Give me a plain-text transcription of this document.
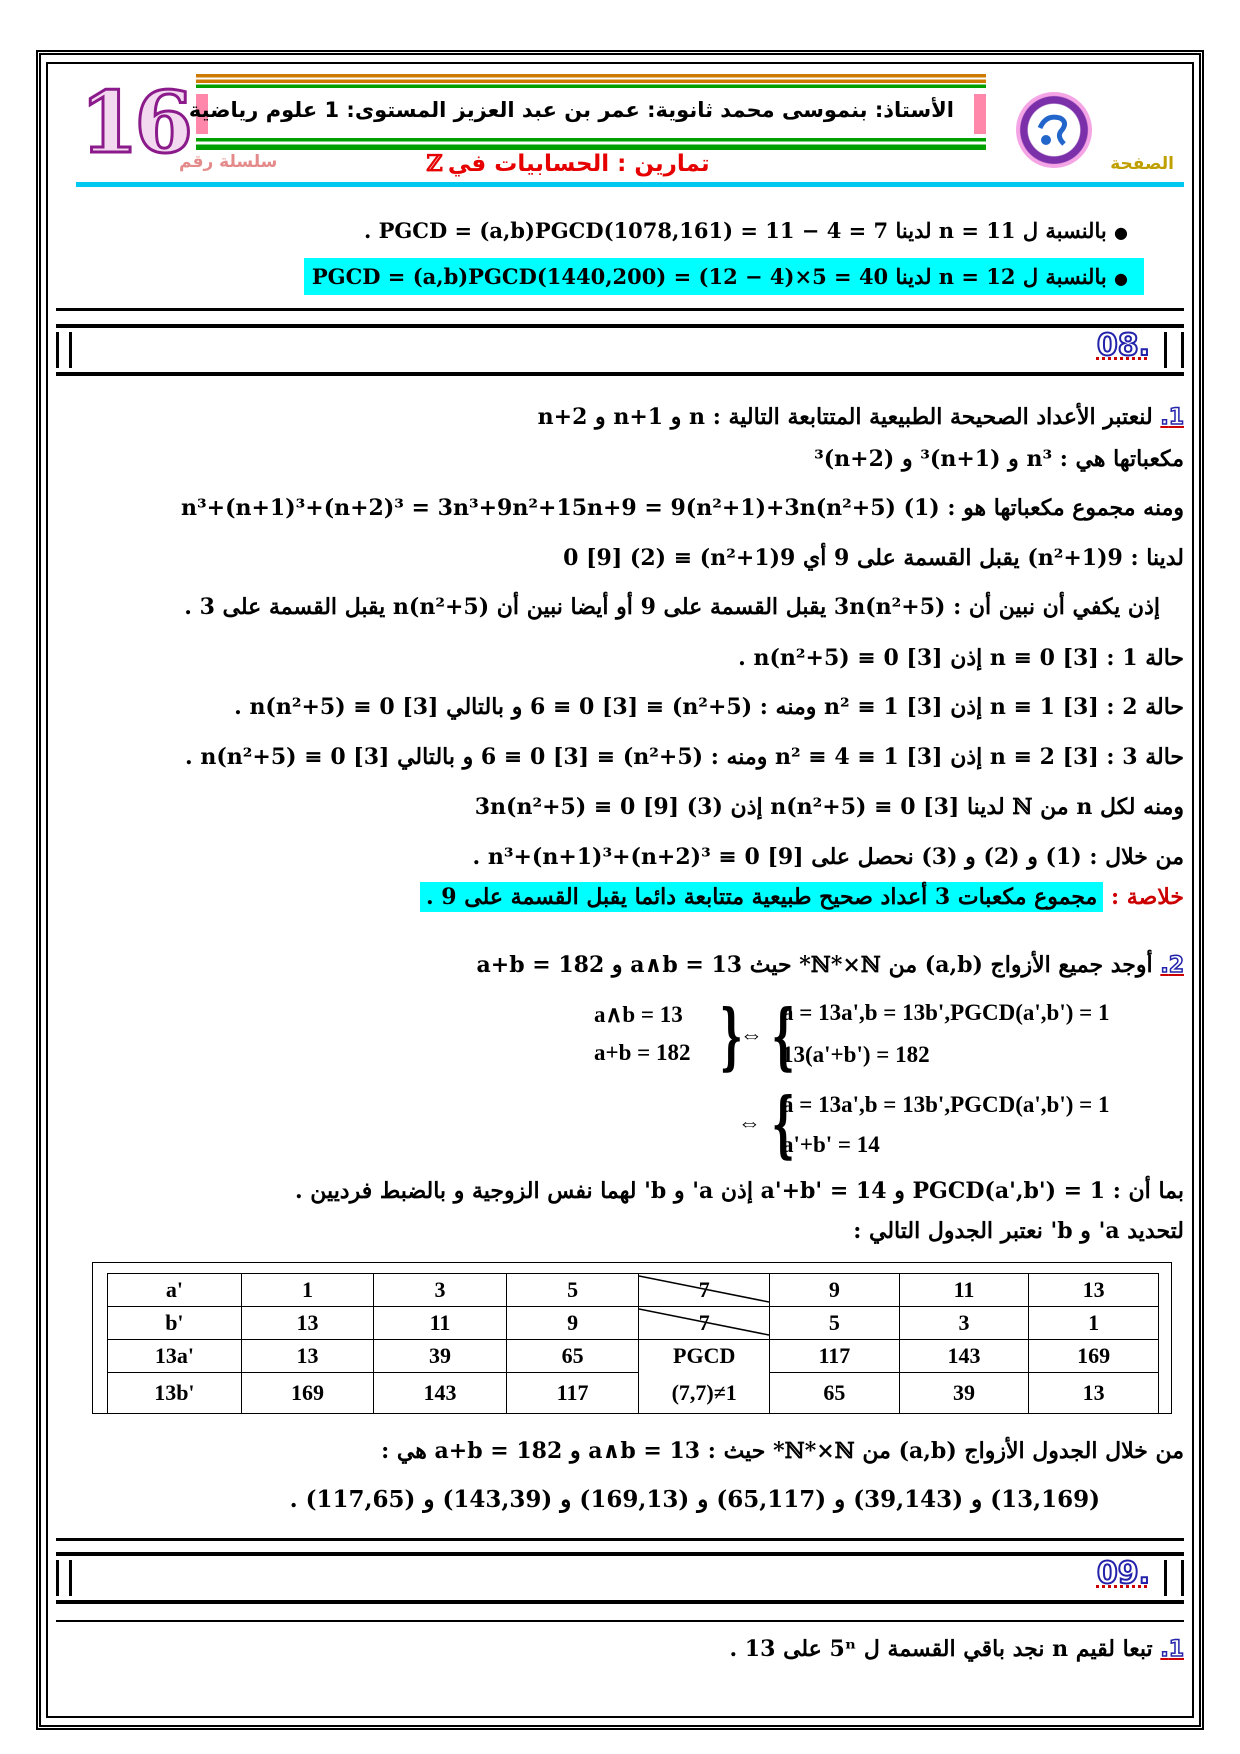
16 الأستاذ: بنموسى محمد ثانوية: عمر بن عبد العزيز المستوى: 1 علوم رياضية
سلسلة رقم	تمارين : الحسابيات في ℤ	الصفحة
● بالنسبة ل n = 11 لدينا 7 = 4 − 11 = (1078,161)PGCD = (a,b)PGCD .
● بالنسبة ل n = 12 لدينا 40 = 5×(4 − 12) = (1440,200)PGCD = (a,b)PGCD
08.
1. لنعتبر الأعداد الصحيحة الطبيعية المتتابعة التالية : n و n+1 و n+2
مكعباتها هي : n³ و (n+1)³ و (n+2)³
ومنه مجموع مكعباتها هو : n³+(n+1)³+(n+2)³ = 3n³+9n²+15n+9 = 9(n²+1)+3n(n²+5) (1)
لدينا : 9(n²+1) يقبل القسمة على 9 أي 9(n²+1) ≡ 0 [9] (2)
إذن يكفي أن نبين أن : 3n(n²+5) يقبل القسمة على 9 أو أيضا نبين أن n(n²+5) يقبل القسمة على 3 .
حالة 1 : n ≡ 0 [3] إذن n(n²+5) ≡ 0 [3] .
حالة 2 : n ≡ 1 [3] إذن n² ≡ 1 [3] ومنه : (n²+5) ≡ 6 ≡ 0 [3] و بالتالي n(n²+5) ≡ 0 [3] .
حالة 3 : n ≡ 2 [3] إذن n² ≡ 4 ≡ 1 [3] ومنه : (n²+5) ≡ 6 ≡ 0 [3] و بالتالي n(n²+5) ≡ 0 [3] .
ومنه لكل n من ℕ لدينا n(n²+5) ≡ 0 [3] إذن 3n(n²+5) ≡ 0 [9] (3)
من خلال : (1) و (2) و (3) نحصل على n³+(n+1)³+(n+2)³ ≡ 0 [9] .
خلاصة : مجموع مكعبات 3 أعداد صحيح طبيعية متتابعة دائما يقبل القسمة على 9 .
2. أوجد جميع الأزواج (a,b) من ℕ*×ℕ* حيث a∧b = 13 و a+b = 182
a∧b = 13
a+b = 182 }
⇔ {
a = 13a',b = 13b',PGCD(a',b') = 1
13(a'+b') = 182
⇔ {
a = 13a',b = 13b',PGCD(a',b') = 1
a'+b' = 14
بما أن : PGCD(a',b') = 1 و a'+b' = 14 إذن a' و b' لهما نفس الزوجية و بالضبط فرديين .
لتحديد a' و b' نعتبر الجدول التالي :
a'	1	3	5	7	9	11	13
b'	13	11	9	7	5	3	1
13a'	13	39	65	PGCD	117	143	169
13b'	169	143	117	(7,7)≠1	65	39	13
من خلال الجدول الأزواج (a,b) من ℕ*×ℕ* حيث : a∧b = 13 و a+b = 182 هي :
(13,169) و (39,143) و (65,117) و (169,13) و (143,39) و (117,65) .
09.
1. تبعا لقيم n نجد باقي القسمة ل 5ⁿ على 13 .
